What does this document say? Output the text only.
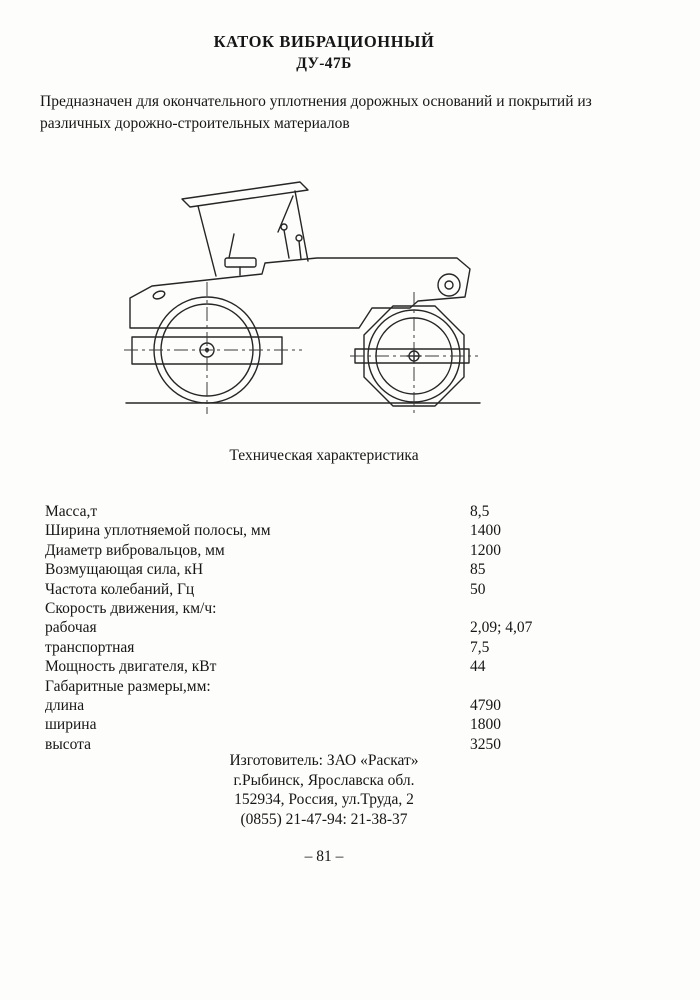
КАТОК ВИБРАЦИОННЫЙ
ДУ-47Б
Предназначен для окончательного уплотнения дорожных оснований и покрытий из различных дорожно-строительных материалов
Техническая характеристика
Масса,т	8,5
Ширина уплотняемой полосы, мм	1400
Диаметр вибровальцов, мм	1200
Возмущающая сила, кН	85
Частота колебаний, Гц	50
Скорость движения, км/ч:
рабочая	2,09; 4,07
транспортная	7,5
Мощность двигателя, кВт	44
Габаритные размеры,мм:
длина	4790
ширина	1800
высота	3250
Изготовитель: ЗАО «Раскат»
г.Рыбинск, Ярославска обл.
152934, Россия, ул.Труда, 2
(0855) 21-47-94: 21-38-37
– 81 –
